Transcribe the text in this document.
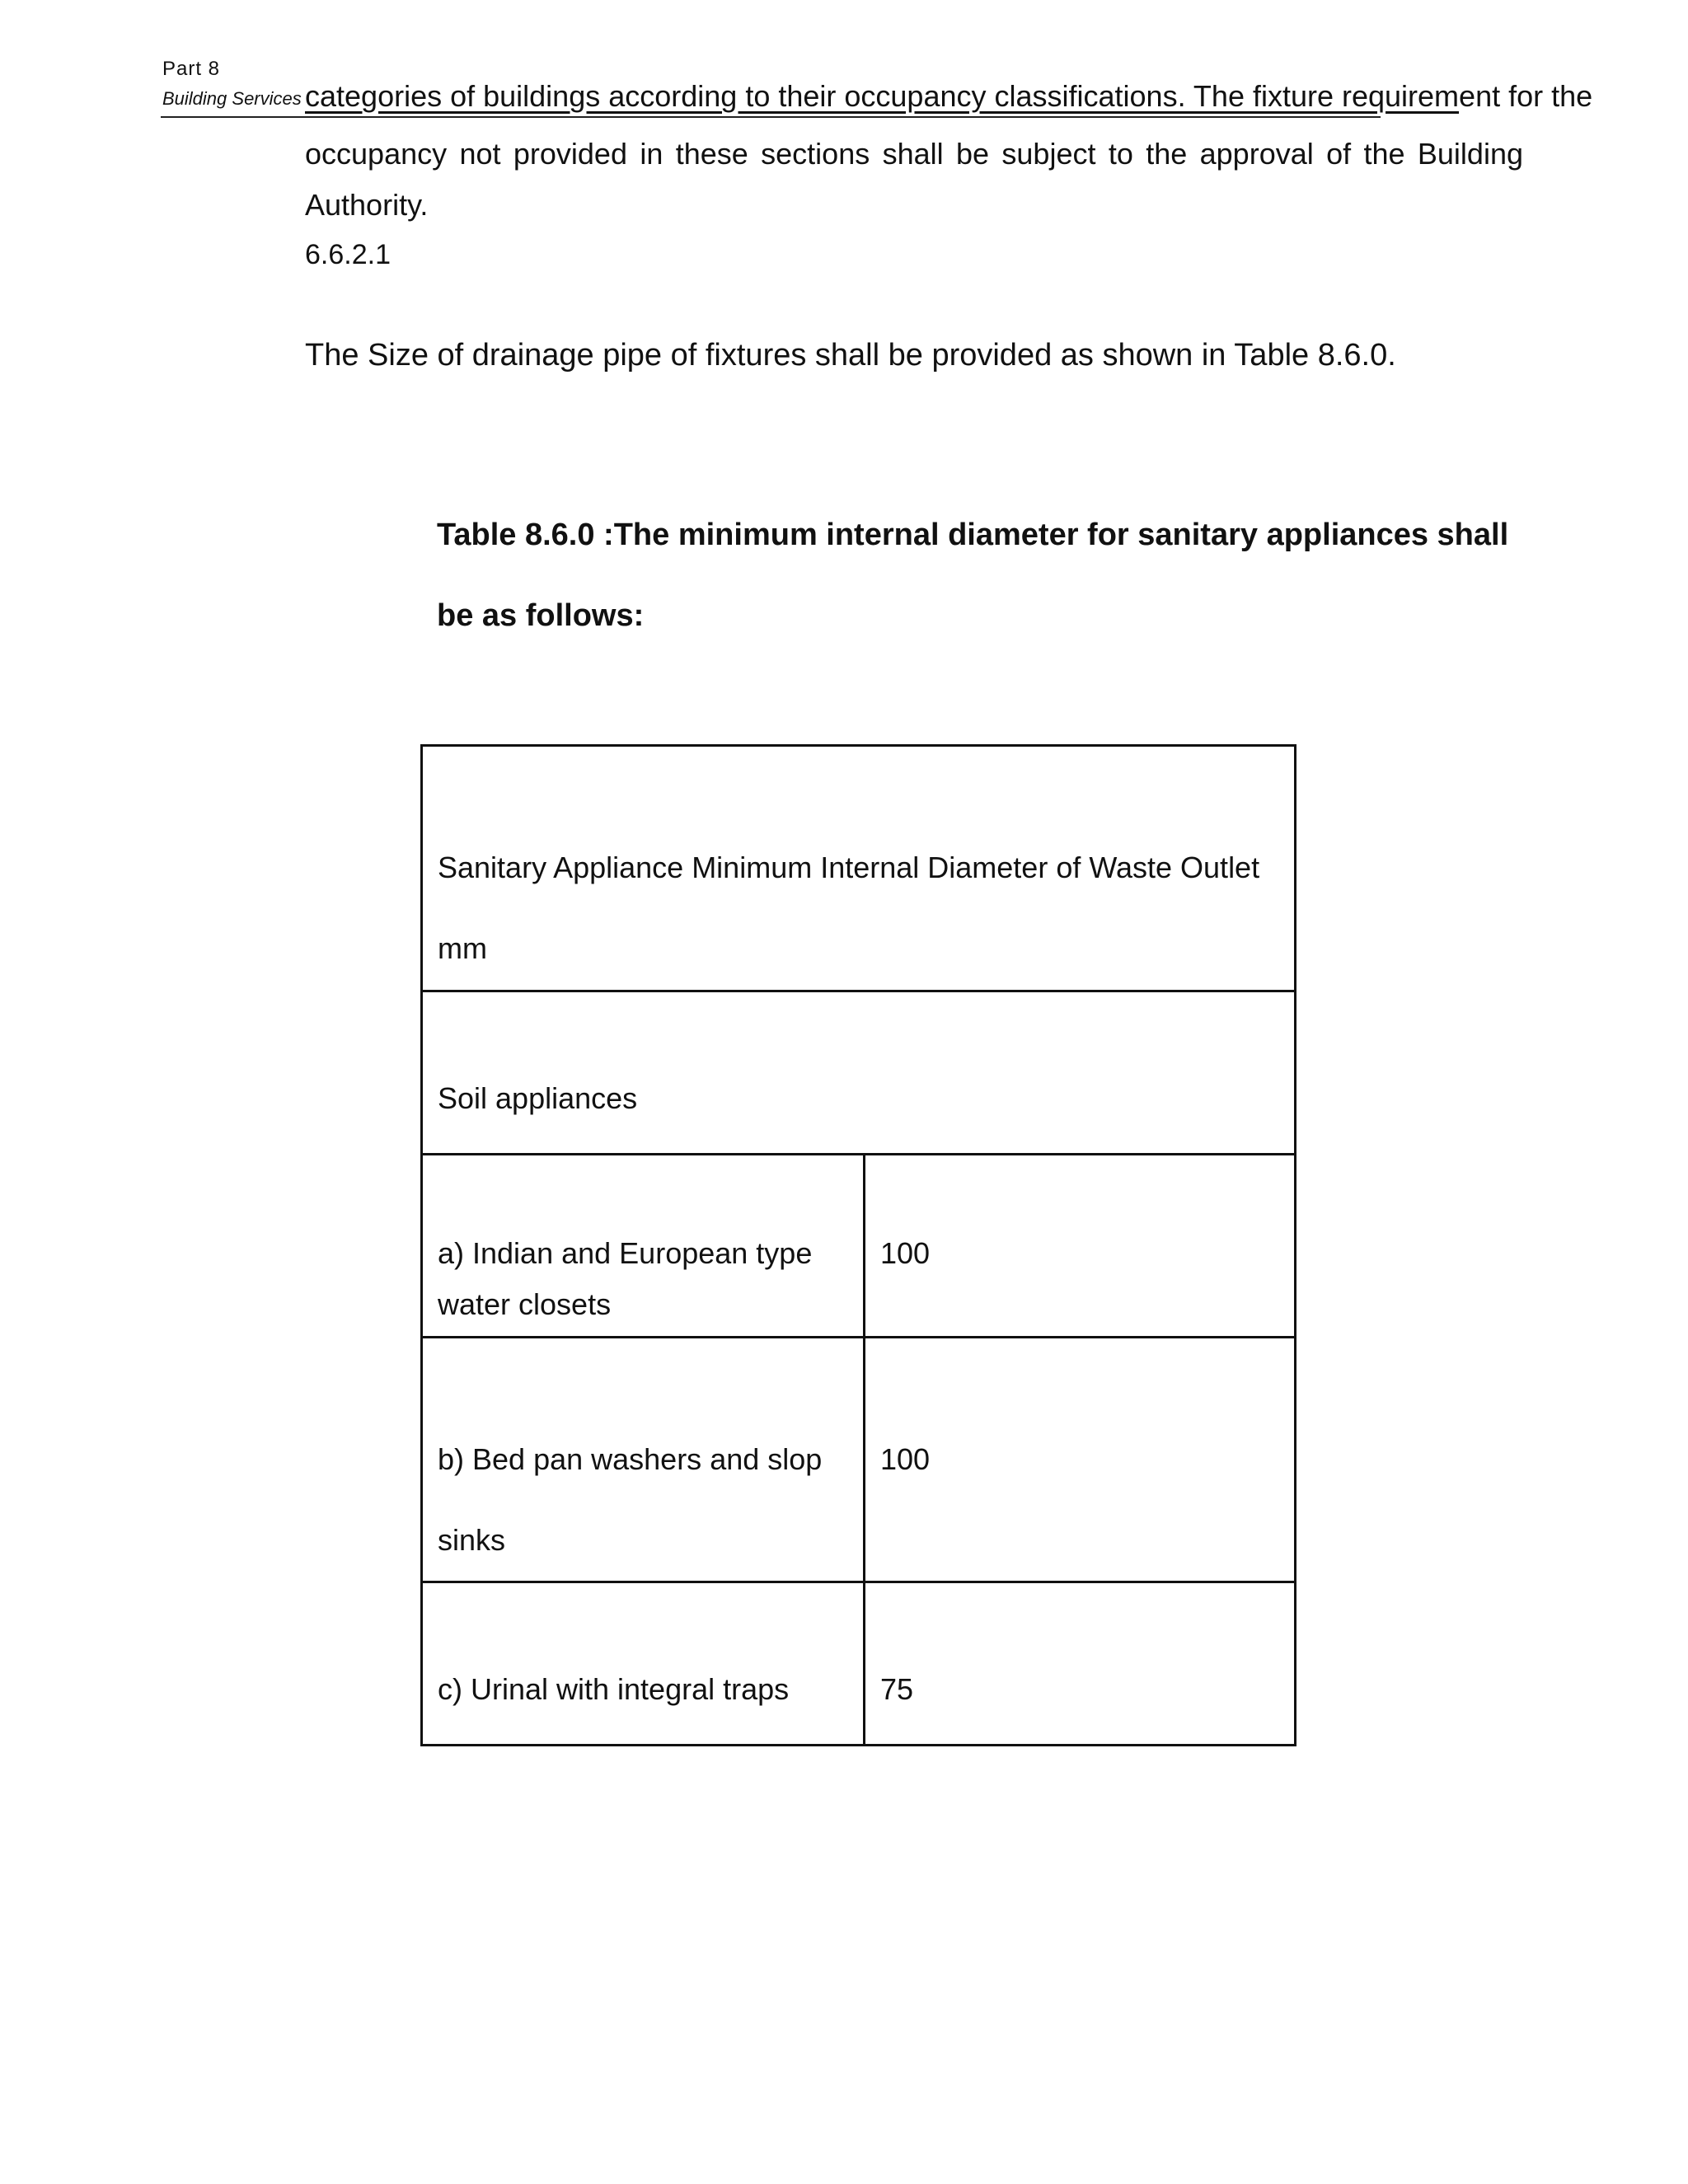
Part 8
Building Services categories of buildings according to their occupancy classifications. The fixture requirement for the
occupancy not provided in these sections shall be subject to the approval of the Building
Authority.
6.6.2.1
The Size of drainage pipe of fixtures shall be provided as shown in Table 8.6.0.
Table 8.6.0 :The minimum internal diameter for sanitary appliances shall be as follows:
Sanitary Appliance Minimum Internal Diameter of Waste Outlet
mm	

Soil appliances	

a) Indian and European type
water closets	100

b) Bed pan washers and slop
sinks	100

c) Urinal with integral traps	75
